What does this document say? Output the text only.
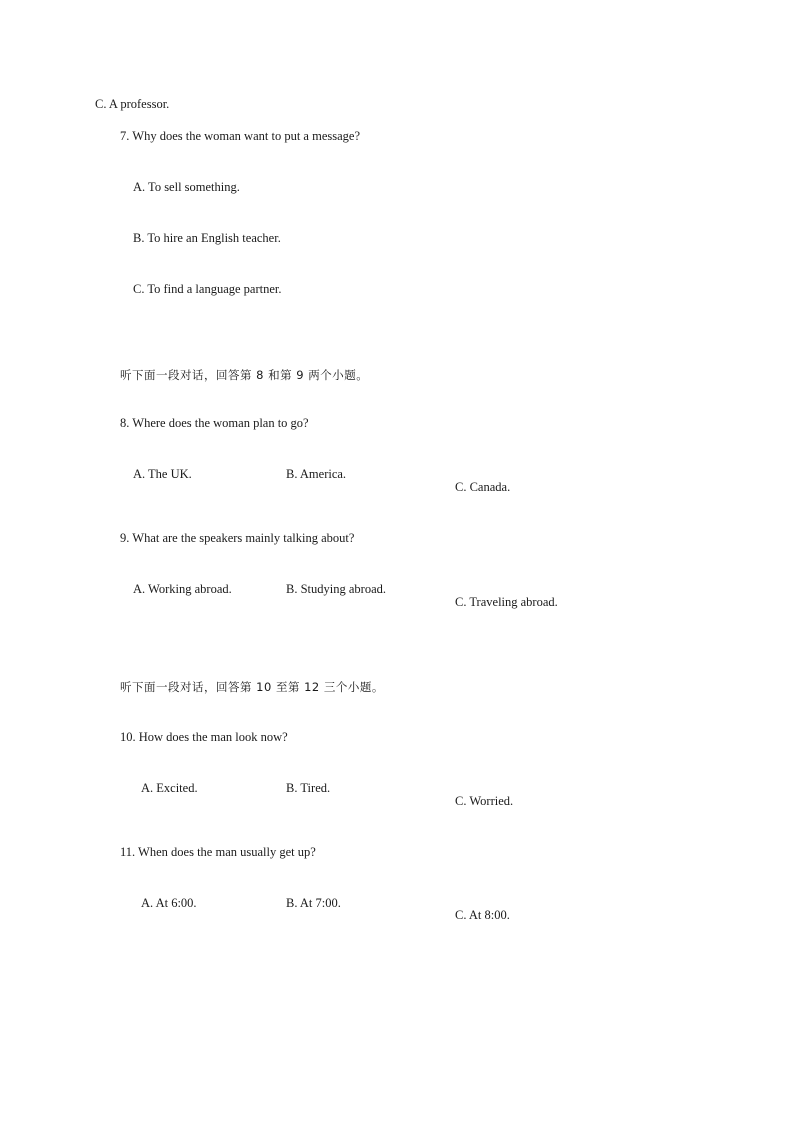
C. A professor.
7. Why does the woman want to put a message?
A. To sell something.
B. To hire an English teacher.
C. To find a language partner.
听下面一段对话，回答第 8 和第 9 两个小题。
8. Where does the woman plan to go?
A. The UK.	B. America.
C. Canada.
9. What are the speakers mainly talking about?
A. Working abroad.	B. Studying abroad.
C. Traveling abroad.
听下面一段对话，回答第 10 至第 12 三个小题。
10. How does the man look now?
A. Excited.	B. Tired.
C. Worried.
11. When does the man usually get up?
A. At 6:00.	B. At 7:00.
C. At 8:00.
